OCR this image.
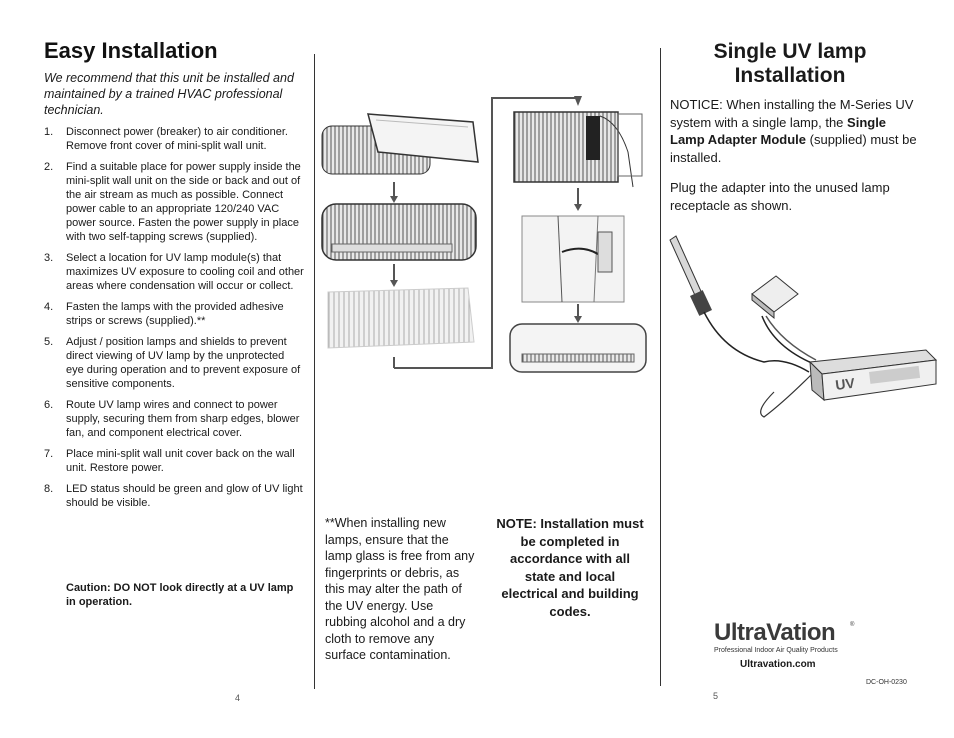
Easy Installation

We recommend that this unit be installed and maintained by a trained HVAC professional technician.

1. Disconnect power (breaker) to air conditioner. Remove front cover of mini-split wall unit.
2. Find a suitable place for power supply inside the mini-split wall unit on the side or back and out of the air stream as much as possible. Connect power cable to an appropriate 120/240 VAC power source. Fasten the power supply in place with two self-tapping screws (supplied).
3. Select a location for UV lamp module(s) that maximizes UV exposure to cooling coil and other areas where condensation will occur or collect.
4. Fasten the lamps with the provided adhesive strips or screws (supplied).**
5. Adjust / position lamps and shields to prevent direct viewing of UV lamp by the unprotected eye during operation and to prevent exposure of sensitive components.
6. Route UV lamp wires and connect to power supply, securing them from sharp edges, blower fan, and component electrical cover.
7. Place mini-split wall unit cover back on the wall unit. Restore power.
8. LED status should be green and glow of UV light should be visible.
Caution: DO NOT look directly at a UV lamp in operation.
4
**When installing new lamps, ensure that the lamp glass is free from any fingerprints or debris, as this may alter the path of the UV energy. Use rubbing alcohol and a dry cloth to remove any surface contamination.
NOTE: Installation must be completed in accordance with all state and local electrical and building codes.
Single UV lamp Installation
NOTICE: When installing the M-Series UV system with a single lamp, the Single Lamp Adapter Module (supplied) must be installed.
Plug the adapter into the unused lamp receptacle as shown.
UV
UltraVation ®
Professional Indoor Air Quality Products
Ultravation.com
DC-OH-0230
5
